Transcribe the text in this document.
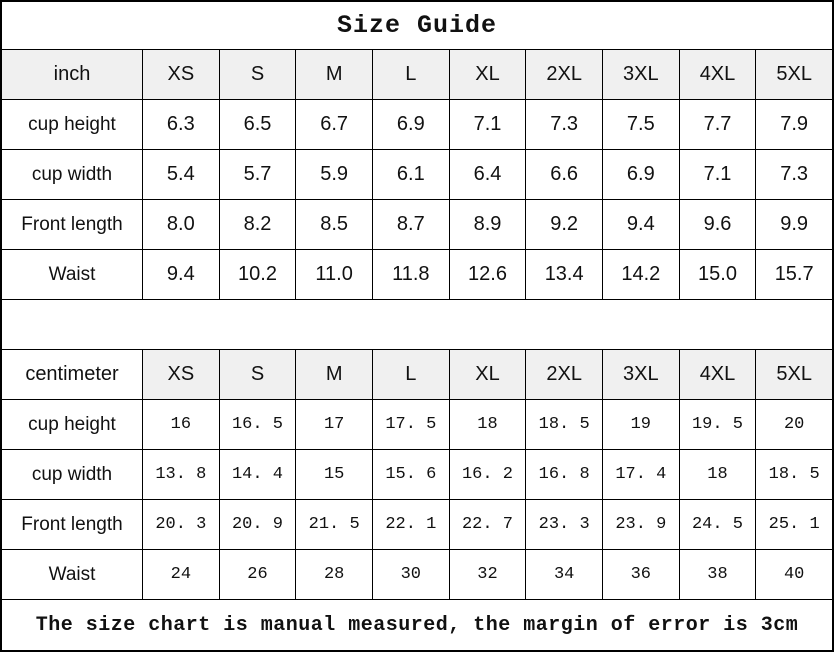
Size Guide
inch	XS	S	M	L	XL	2XL	3XL	4XL	5XL
cup height	6.3	6.5	6.7	6.9	7.1	7.3	7.5	7.7	7.9
cup width	5.4	5.7	5.9	6.1	6.4	6.6	6.9	7.1	7.3
Front length	8.0	8.2	8.5	8.7	8.9	9.2	9.4	9.6	9.9
Waist	9.4	10.2	11.0	11.8	12.6	13.4	14.2	15.0	15.7
centimeter	XS	S	M	L	XL	2XL	3XL	4XL	5XL
cup height	16	16. 5	17	17. 5	18	18. 5	19	19. 5	20
cup width	13. 8	14. 4	15	15. 6	16. 2	16. 8	17. 4	18	18. 5
Front length	20. 3	20. 9	21. 5	22. 1	22. 7	23. 3	23. 9	24. 5	25. 1
Waist	24	26	28	30	32	34	36	38	40
The size chart is manual measured, the margin of error is 3cm
